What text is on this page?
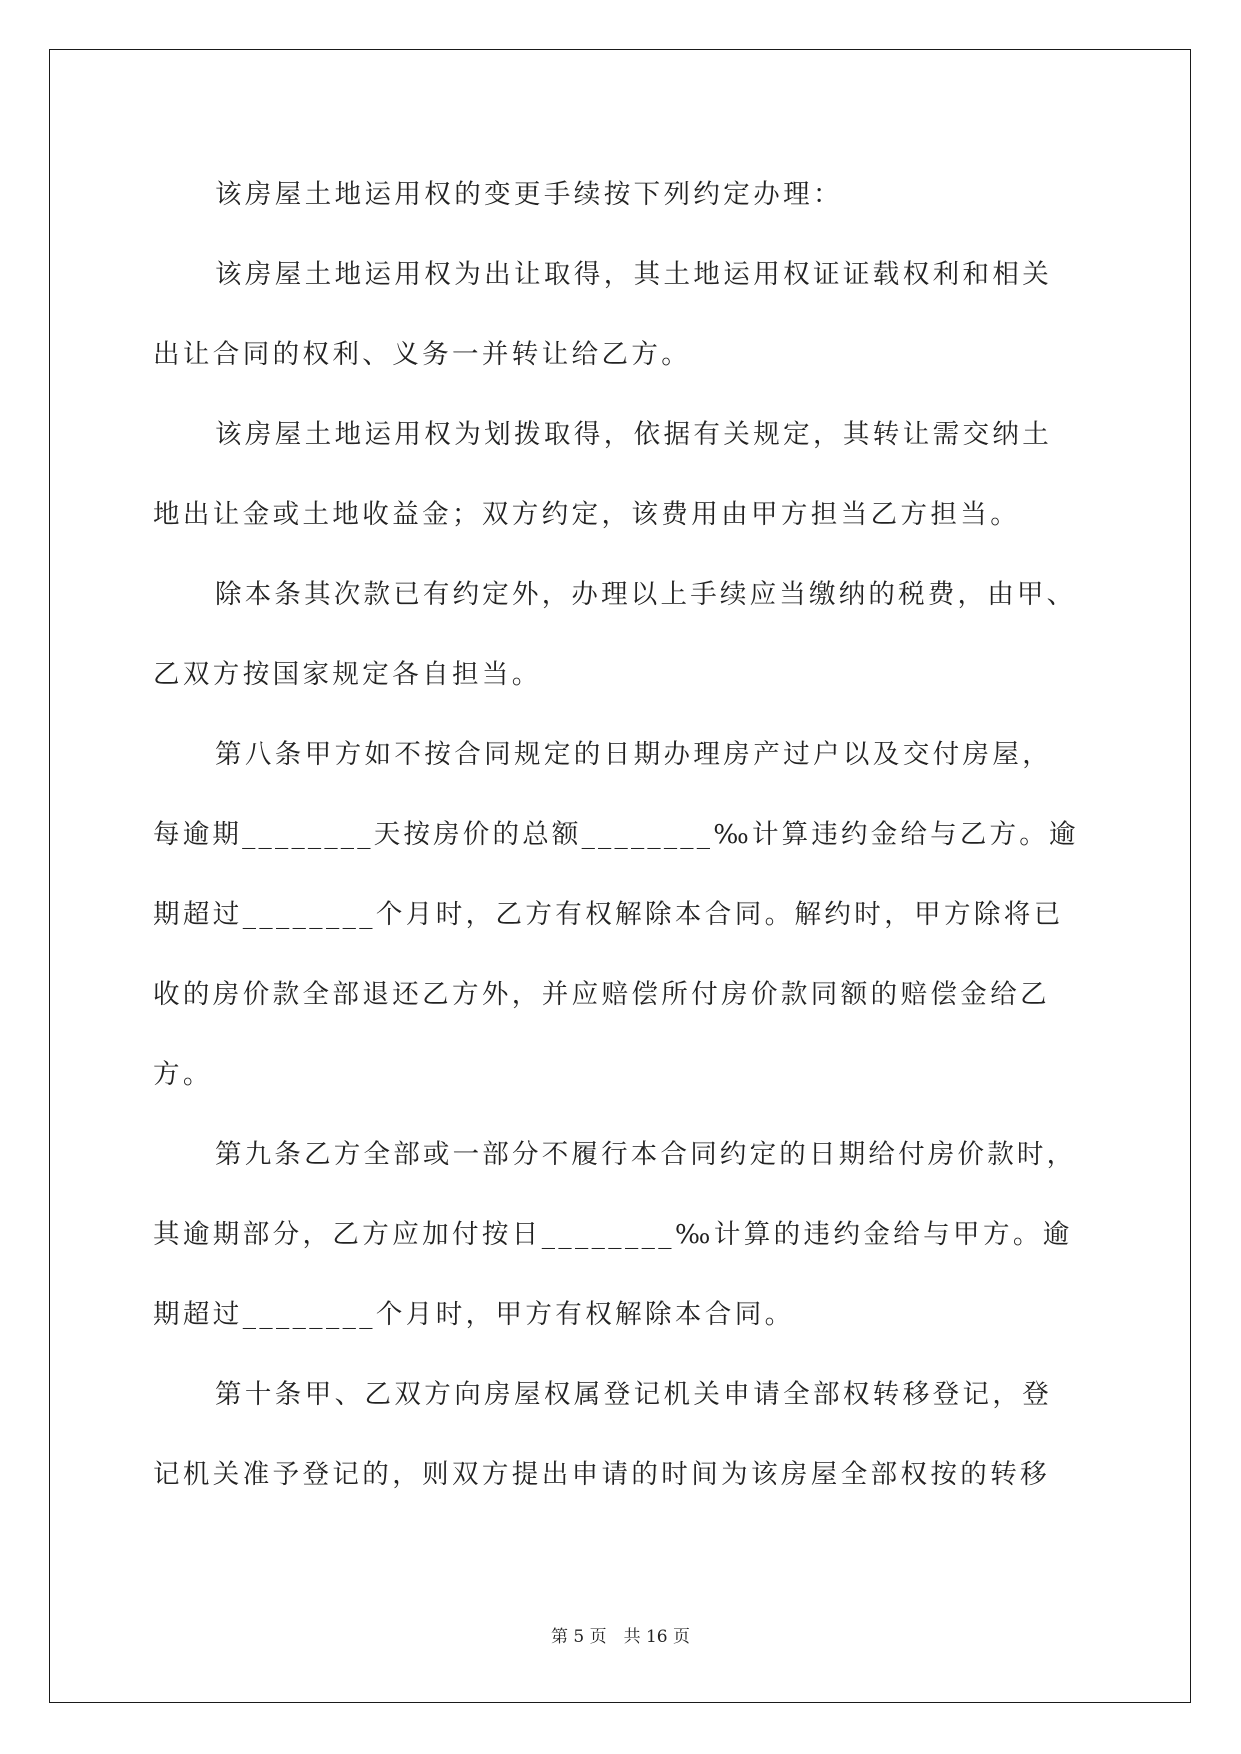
该房屋土地运用权的变更手续按下列约定办理：
该房屋土地运用权为出让取得，其土地运用权证证载权利和相关
出让合同的权利、义务一并转让给乙方。
该房屋土地运用权为划拨取得，依据有关规定，其转让需交纳土
地出让金或土地收益金；双方约定，该费用由甲方担当乙方担当。
除本条其次款已有约定外，办理以上手续应当缴纳的税费，由甲、
乙双方按国家规定各自担当。
第八条甲方如不按合同规定的日期办理房产过户以及交付房屋，
每逾期________天按房价的总额________‰计算违约金给与乙方。逾
期超过________个月时，乙方有权解除本合同。解约时，甲方除将已
收的房价款全部退还乙方外，并应赔偿所付房价款同额的赔偿金给乙
方。
第九条乙方全部或一部分不履行本合同约定的日期给付房价款时，
其逾期部分，乙方应加付按日________‰计算的违约金给与甲方。逾
期超过________个月时，甲方有权解除本合同。
第十条甲、乙双方向房屋权属登记机关申请全部权转移登记，登
记机关准予登记的，则双方提出申请的时间为该房屋全部权按的转移
第 5 页　共 16 页
